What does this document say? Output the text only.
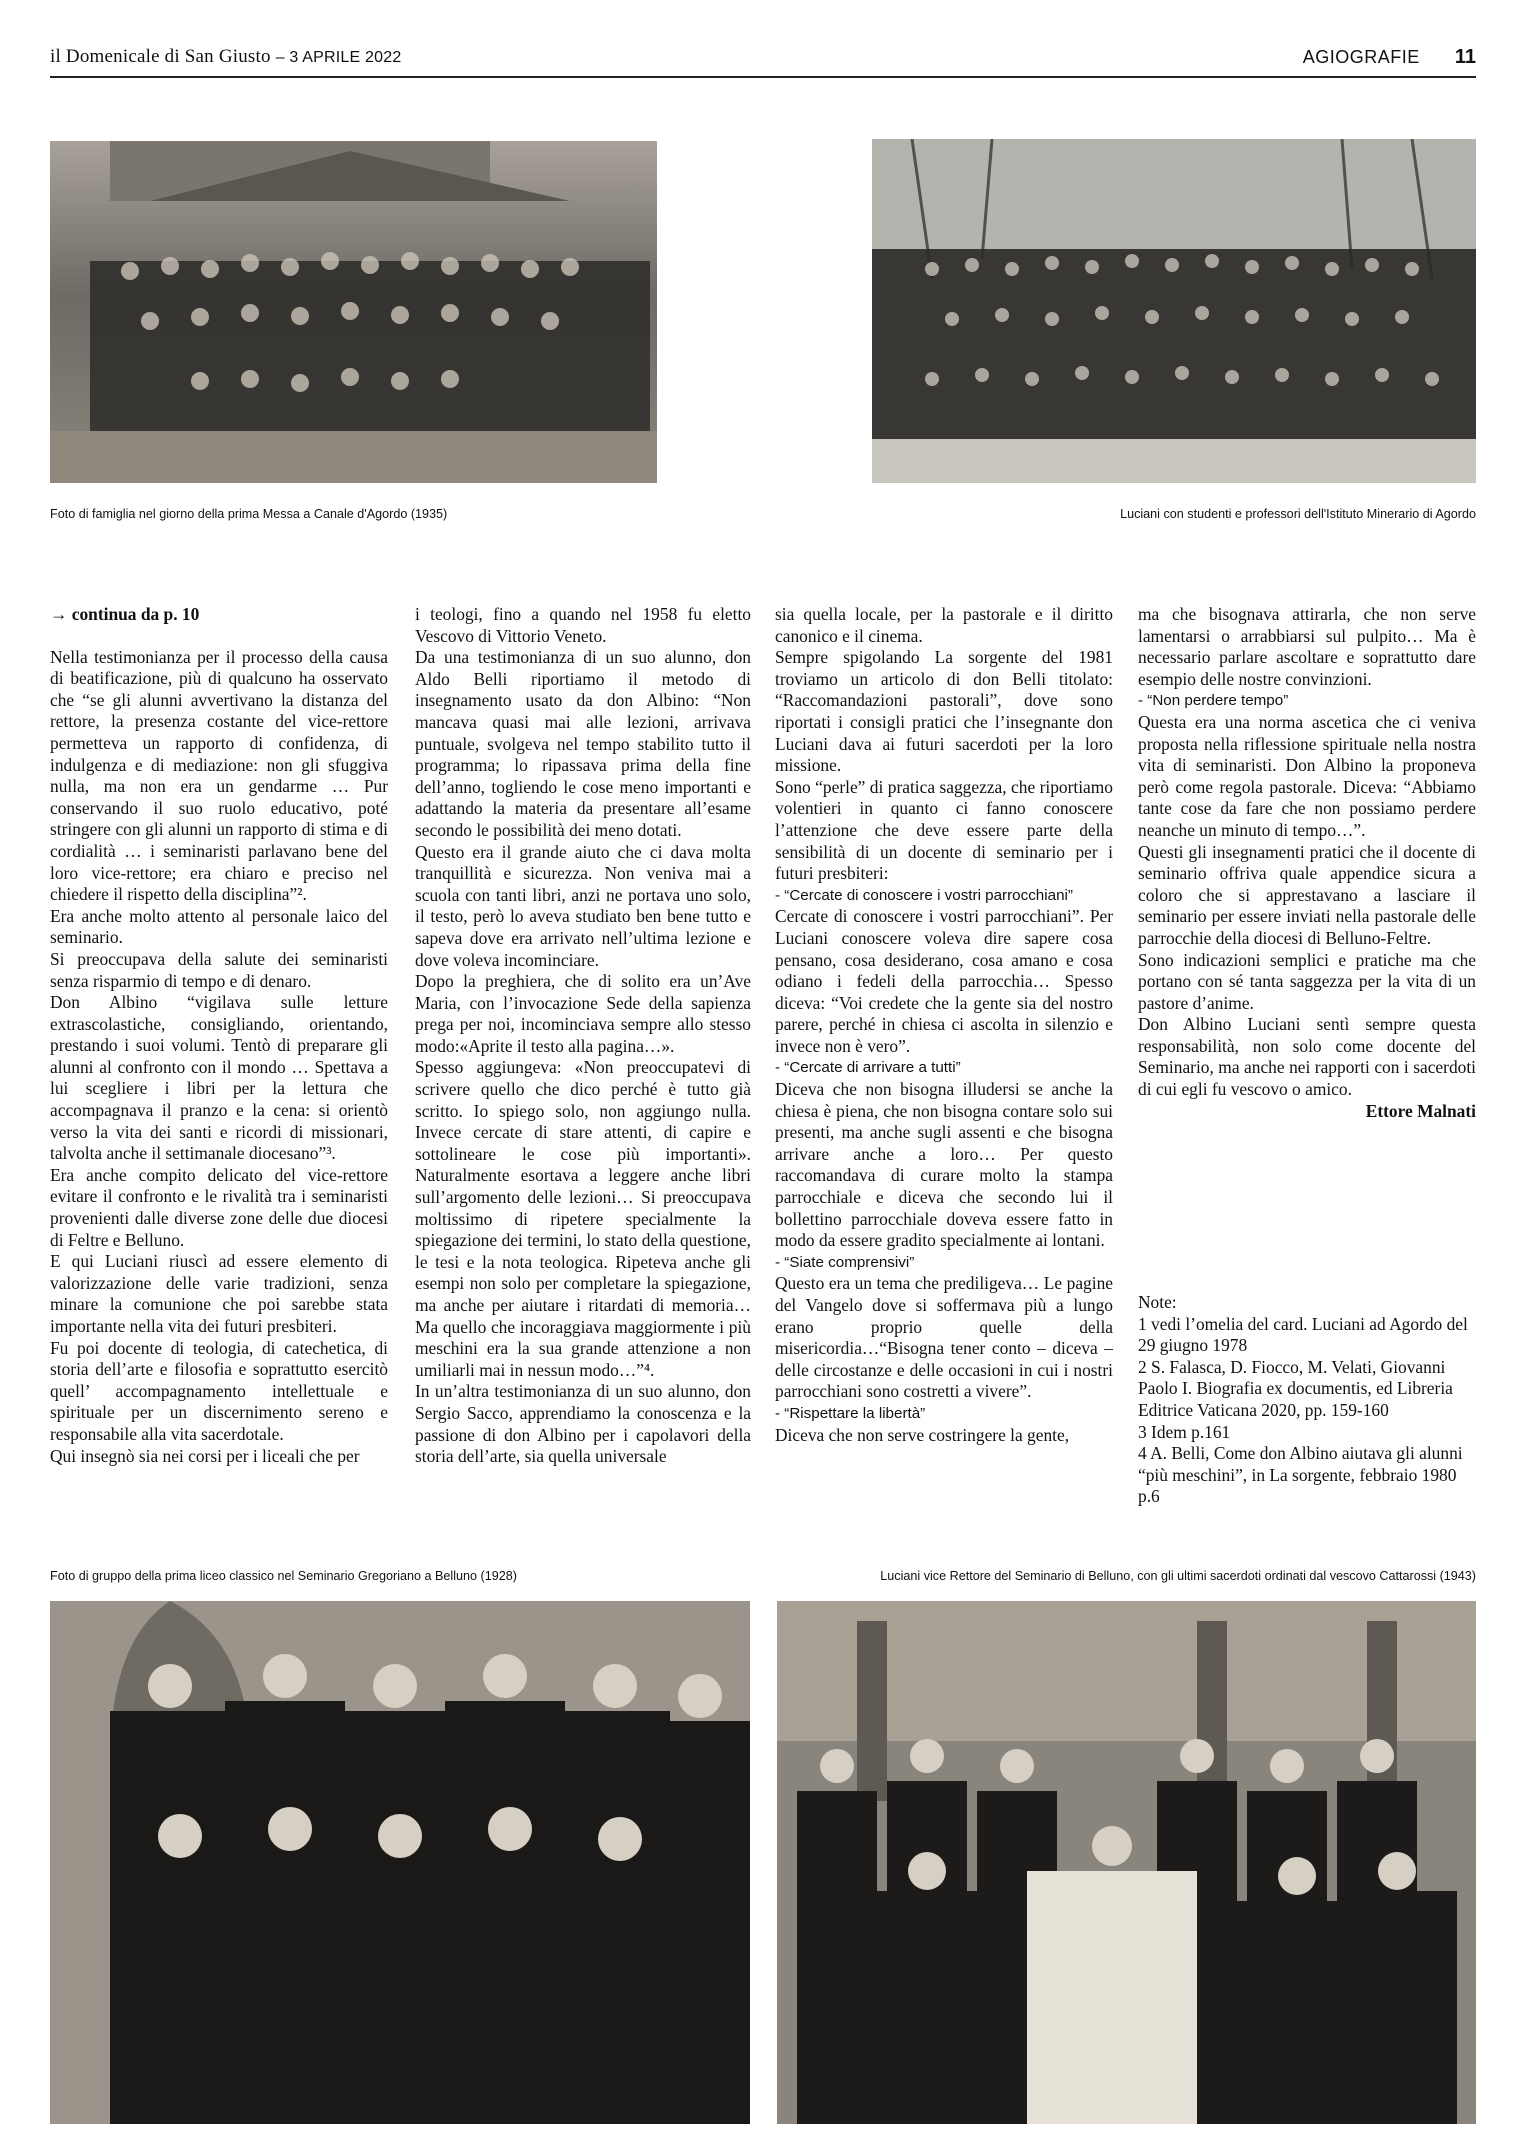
il Domenicale di San Giusto – 3 APRILE 2022	AGIOGRAFIE 11
Foto di famiglia nel giorno della prima Messa a Canale d'Agordo (1935)	Luciani con studenti e professori dell'Istituto Minerario di Agordo

→ continua da p. 10

Nella testimonianza per il processo della causa di beatificazione, più di qualcuno ha osservato che “se gli alunni avvertivano la distanza del rettore, la presenza costante del vice-rettore permetteva un rapporto di confidenza, di indulgenza e di mediazione: non gli sfuggiva nulla, ma non era un gendarme … Pur conservando il suo ruolo educativo, poté stringere con gli alunni un rapporto di stima e di cordialità … i seminaristi parlavano bene del loro vice-rettore; era chiaro e preciso nel chiedere il rispetto della disciplina”².

Era anche molto attento al personale laico del seminario.

Si preoccupava della salute dei seminaristi senza risparmio di tempo e di denaro.

Don Albino “vigilava sulle letture extrascolastiche, consigliando, orientando, prestando i suoi volumi. Tentò di preparare gli alunni al confronto con il mondo … Spettava a lui scegliere i libri per la lettura che accompagnava il pranzo e la cena: si orientò verso la vita dei santi e ricordi di missionari, talvolta anche il settimanale diocesano”³.

Era anche compito delicato del vice-rettore evitare il confronto e le rivalità tra i seminaristi provenienti dalle diverse zone delle due diocesi di Feltre e Belluno.

E qui Luciani riuscì ad essere elemento di valorizzazione delle varie tradizioni, senza minare la comunione che poi sarebbe stata importante nella vita dei futuri presbiteri.

Fu poi docente di teologia, di catechetica, di storia dell’arte e filosofia e soprattutto esercitò quell’ accompagnamento intellettuale e spirituale per un discernimento sereno e responsabile alla vita sacerdotale.

Qui insegnò sia nei corsi per i liceali che per

i teologi, fino a quando nel 1958 fu eletto Vescovo di Vittorio Veneto.

Da una testimonianza di un suo alunno, don Aldo Belli riportiamo il metodo di insegnamento usato da don Albino: “Non mancava quasi mai alle lezioni, arrivava puntuale, svolgeva nel tempo stabilito tutto il programma; lo ripassava prima della fine dell’anno, togliendo le cose meno importanti e adattando la materia da presentare all’esame secondo le possibilità dei meno dotati.

Questo era il grande aiuto che ci dava molta tranquillità e sicurezza. Non veniva mai a scuola con tanti libri, anzi ne portava uno solo, il testo, però lo aveva studiato ben bene tutto e sapeva dove era arrivato nell’ultima lezione e dove voleva incominciare.

Dopo la preghiera, che di solito era un’Ave Maria, con l’invocazione Sede della sapienza prega per noi, incominciava sempre allo stesso modo:«Aprite il testo alla pagina…».

Spesso aggiungeva: «Non preoccupatevi di scrivere quello che dico perché è tutto già scritto. Io spiego solo, non aggiungo nulla. Invece cercate di stare attenti, di capire e sottolineare le cose più importanti». Naturalmente esortava a leggere anche libri sull’argomento delle lezioni… Si preoccupava moltissimo di ripetere specialmente la spiegazione dei termini, lo stato della questione, le tesi e la nota teologica. Ripeteva anche gli esempi non solo per completare la spiegazione, ma anche per aiutare i ritardati di memoria… Ma quello che incoraggiava maggiormente i più meschini era la sua grande attenzione a non umiliarli mai in nessun modo…”⁴.

In un’altra testimonianza di un suo alunno, don Sergio Sacco, apprendiamo la conoscenza e la passione di don Albino per i capolavori della storia dell’arte, sia quella universale

sia quella locale, per la pastorale e il diritto canonico e il cinema.

Sempre spigolando La sorgente del 1981 troviamo un articolo di don Belli titolato: “Raccomandazioni pastorali”, dove sono riportati i consigli pratici che l’insegnante don Luciani dava ai futuri sacerdoti per la loro missione.

Sono “perle” di pratica saggezza, che riportiamo volentieri in quanto ci fanno conoscere l’attenzione che deve essere parte della sensibilità di un docente di seminario per i futuri presbiteri:

- “Cercate di conoscere i vostri parrocchiani”

Cercate di conoscere i vostri parrocchiani”. Per Luciani conoscere voleva dire sapere cosa pensano, cosa desiderano, cosa amano e cosa odiano i fedeli della parrocchia… Spesso diceva: “Voi credete che la gente sia del nostro parere, perché in chiesa ci ascolta in silenzio e invece non è vero”.

- “Cercate di arrivare a tutti”

Diceva che non bisogna illudersi se anche la chiesa è piena, che non bisogna contare solo sui presenti, ma anche sugli assenti e che bisogna arrivare anche a loro… Per questo raccomandava di curare molto la stampa parrocchiale e diceva che secondo lui il bollettino parrocchiale doveva essere fatto in modo da essere gradito specialmente ai lontani.

- “Siate comprensivi”

Questo era un tema che prediligeva… Le pagine del Vangelo dove si soffermava più a lungo erano proprio quelle della misericordia…“Bisogna tener conto – diceva – delle circostanze e delle occasioni in cui i nostri parrocchiani sono costretti a vivere”.

- “Rispettare la libertà”

Diceva che non serve costringere la gente,

ma che bisognava attirarla, che non serve lamentarsi o arrabbiarsi sul pulpito… Ma è necessario parlare ascoltare e soprattutto dare esempio delle nostre convinzioni.

- “Non perdere tempo”

Questa era una norma ascetica che ci veniva proposta nella riflessione spirituale nella nostra vita di seminaristi. Don Albino la proponeva però come regola pastorale. Diceva: “Abbiamo tante cose da fare che non possiamo perdere neanche un minuto di tempo…”.

Questi gli insegnamenti pratici che il docente di seminario offriva quale appendice sicura a coloro che si apprestavano a lasciare il seminario per essere inviati nella pastorale delle parrocchie della diocesi di Belluno-Feltre.

Sono indicazioni semplici e pratiche ma che portano con sé tanta saggezza per la vita di un pastore d’anime.

Don Albino Luciani sentì sempre questa responsabilità, non solo come docente del Seminario, ma anche nei rapporti con i sacerdoti di cui egli fu vescovo o amico.

Ettore Malnati

Note:

1 vedi l’omelia del card. Luciani ad Agordo del 29 giugno 1978

2 S. Falasca, D. Fiocco, M. Velati, Giovanni Paolo I. Biografia ex documentis, ed Libreria Editrice Vaticana 2020, pp. 159-160

3 Idem p.161

4 A. Belli, Come don Albino aiutava gli alunni “più meschini”, in La sorgente, febbraio 1980 p.6

Foto di gruppo della prima liceo classico nel Seminario Gregoriano a Belluno (1928)	Luciani vice Rettore del Seminario di Belluno, con gli ultimi sacerdoti ordinati dal vescovo Cattarossi (1943)
